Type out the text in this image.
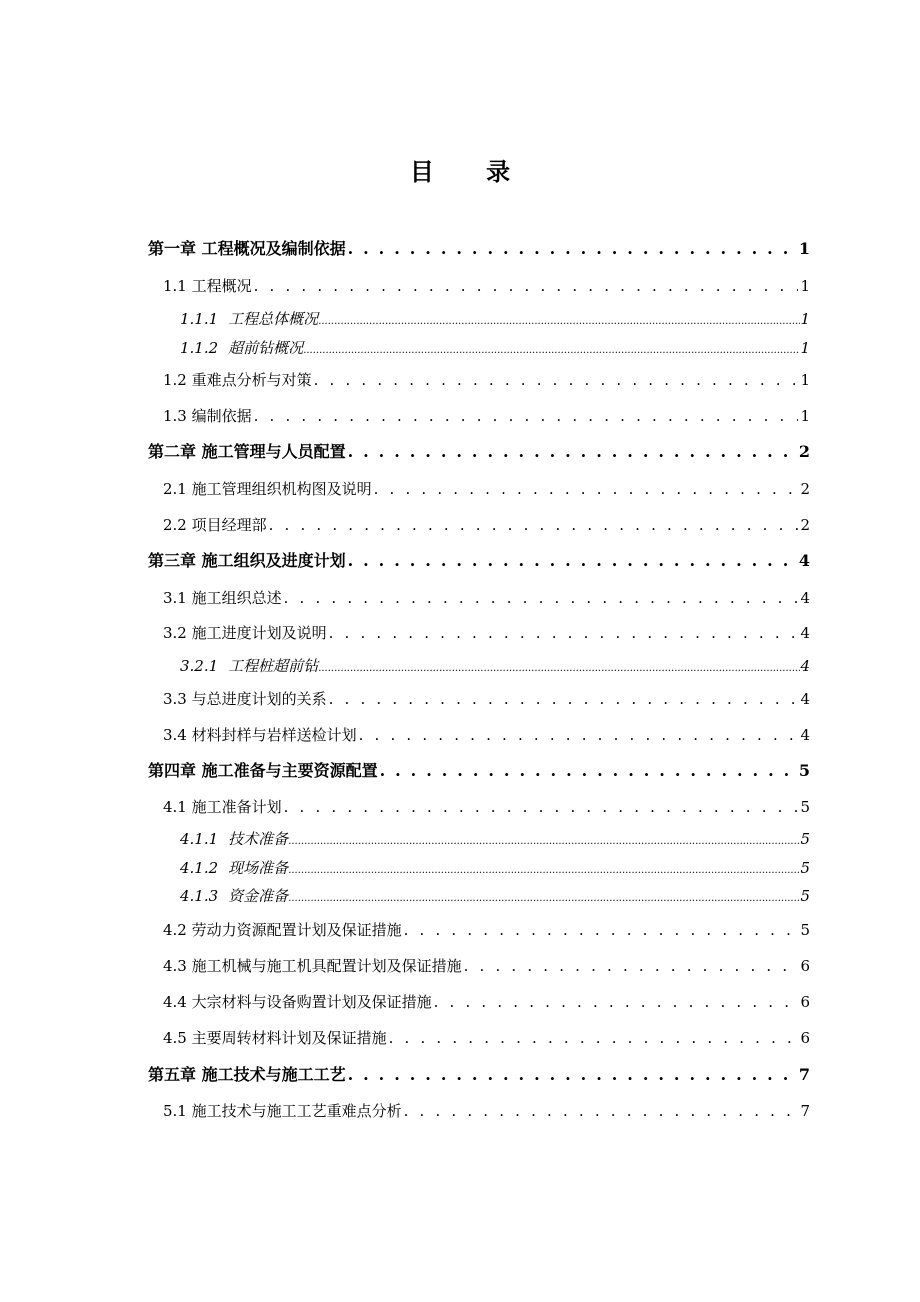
目 录
第一章 工程概况及编制依据 . . .	1
1.1 工程概况 . . .	1
1.1.1 工程总体概况 .....	1
1.1.2 超前钻概况 .....	1
1.2 重难点分析与对策 . . .	1
1.3 编制依据 . . .	1
第二章 施工管理与人员配置 . . .	2
2.1 施工管理组织机构图及说明 . . .	2
2.2 项目经理部 . . .	2
第三章 施工组织及进度计划 . . .	4
3.1 施工组织总述 . . .	4
3.2 施工进度计划及说明 . . .	4
3.2.1 工程桩超前钻 .....	4
3.3 与总进度计划的关系 . . .	4
3.4 材料封样与岩样送检计划 . . .	4
第四章 施工准备与主要资源配置 . . .	5
4.1 施工准备计划 . . .	5
4.1.1 技术准备 .....	5
4.1.2 现场准备 .....	5
4.1.3 资金准备 .....	5
4.2 劳动力资源配置计划及保证措施 . . .	5
4.3 施工机械与施工机具配置计划及保证措施 . . .	6
4.4 大宗材料与设备购置计划及保证措施 . . .	6
4.5 主要周转材料计划及保证措施 . . .	6
第五章 施工技术与施工工艺 . . .	7
5.1 施工技术与施工工艺重难点分析 . . .	7
